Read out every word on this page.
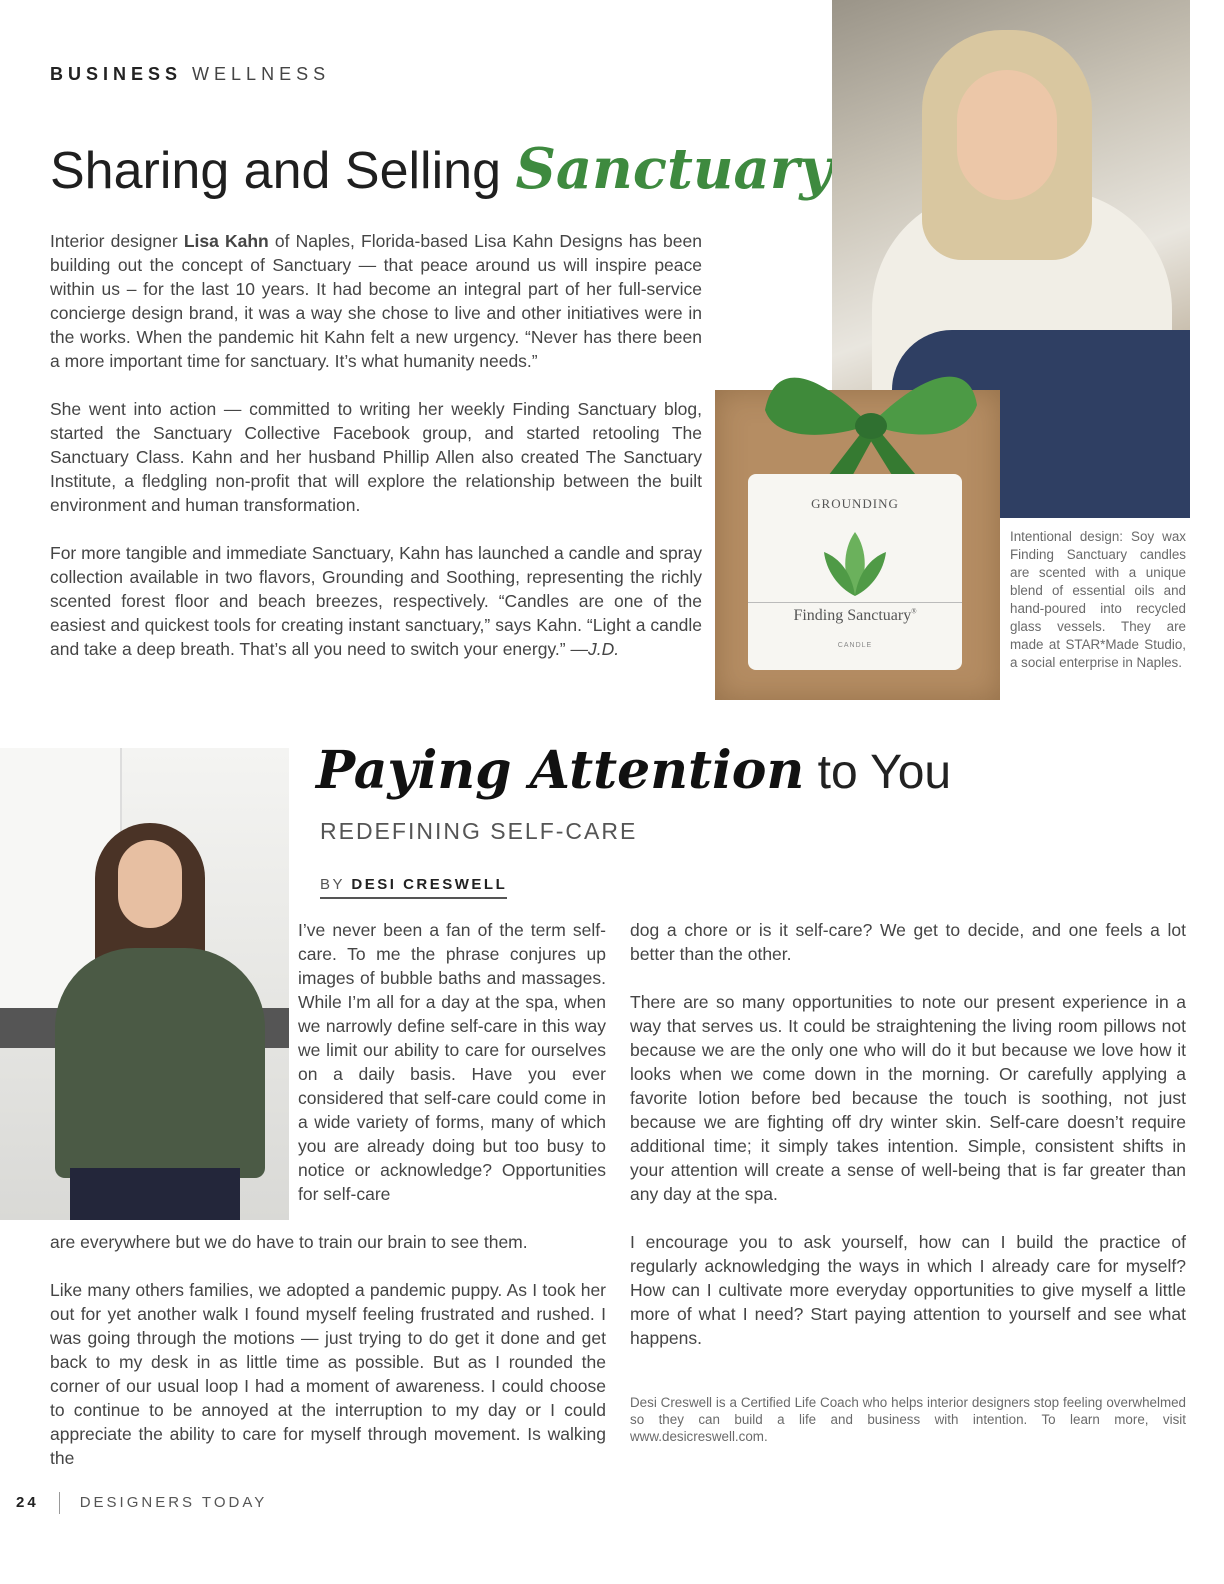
BUSINESS WELLNESS
Sharing and Selling Sanctuary

Interior designer Lisa Kahn of Naples, Florida-based Lisa Kahn Designs has been building out the concept of Sanctuary — that peace around us will inspire peace within us – for the last 10 years. It had become an integral part of her full-service concierge design brand, it was a way she chose to live and other initiatives were in the works. When the pandemic hit Kahn felt a new urgency. “Never has there been a more important time for sanctuary. It’s what humanity needs.”

She went into action — committed to writing her weekly Finding Sanctuary blog, started the Sanctuary Collective Facebook group, and started retooling The Sanctuary Class. Kahn and her husband Phillip Allen also created The Sanctuary Institute, a fledgling non-profit that will explore the relationship between the built environment and human transformation.

For more tangible and immediate Sanctuary, Kahn has launched a candle and spray collection available in two flavors, Grounding and Soothing, representing the richly scented forest floor and beach breezes, respectively. “Candles are one of the easiest and quickest tools for creating instant sanctuary,” says Kahn. “Light a candle and take a deep breath. That’s all you need to switch your energy.” —J.D.

GROUNDING
Finding Sanctuary®
CANDLE
Intentional design: Soy wax Finding Sanctuary candles are scented with a unique blend of essential oils and hand-poured into recycled glass vessels. They are made at STAR*Made Studio, a social enterprise in Naples.
Paying Attention to You
REDEFINING SELF-CARE
BY DESI CRESWELL

I’ve never been a fan of the term self-care. To me the phrase conjures up images of bubble baths and massages. While I’m all for a day at the spa, when we narrowly define self-care in this way we limit our ability to care for ourselves on a daily basis. Have you ever considered that self-care could come in a wide variety of forms, many of which you are already doing but too busy to notice or acknowledge? Opportunities for self-care

are everywhere but we do have to train our brain to see them.

Like many others families, we adopted a pandemic puppy. As I took her out for yet another walk I found myself feeling frustrated and rushed. I was going through the motions — just trying to do get it done and get back to my desk in as little time as possible. But as I rounded the corner of our usual loop I had a moment of awareness. I could choose to continue to be annoyed at the interruption to my day or I could appreciate the ability to care for myself through movement. Is walking the

dog a chore or is it self-care? We get to decide, and one feels a lot better than the other.

There are so many opportunities to note our present experience in a way that serves us. It could be straightening the living room pillows not because we are the only one who will do it but because we love how it looks when we come down in the morning. Or carefully applying a favorite lotion before bed because the touch is soothing, not just because we are fighting off dry winter skin. Self-care doesn’t require additional time; it simply takes intention. Simple, consistent shifts in your attention will create a sense of well-being that is far greater than any day at the spa.

I encourage you to ask yourself, how can I build the practice of regularly acknowledging the ways in which I already care for myself? How can I cultivate more everyday opportunities to give myself a little more of what I need? Start paying attention to yourself and see what happens.

Desi Creswell is a Certified Life Coach who helps interior designers stop feeling overwhelmed so they can build a life and business with intention. To learn more, visit www.desicreswell.com.
24	DESIGNERS TODAY
